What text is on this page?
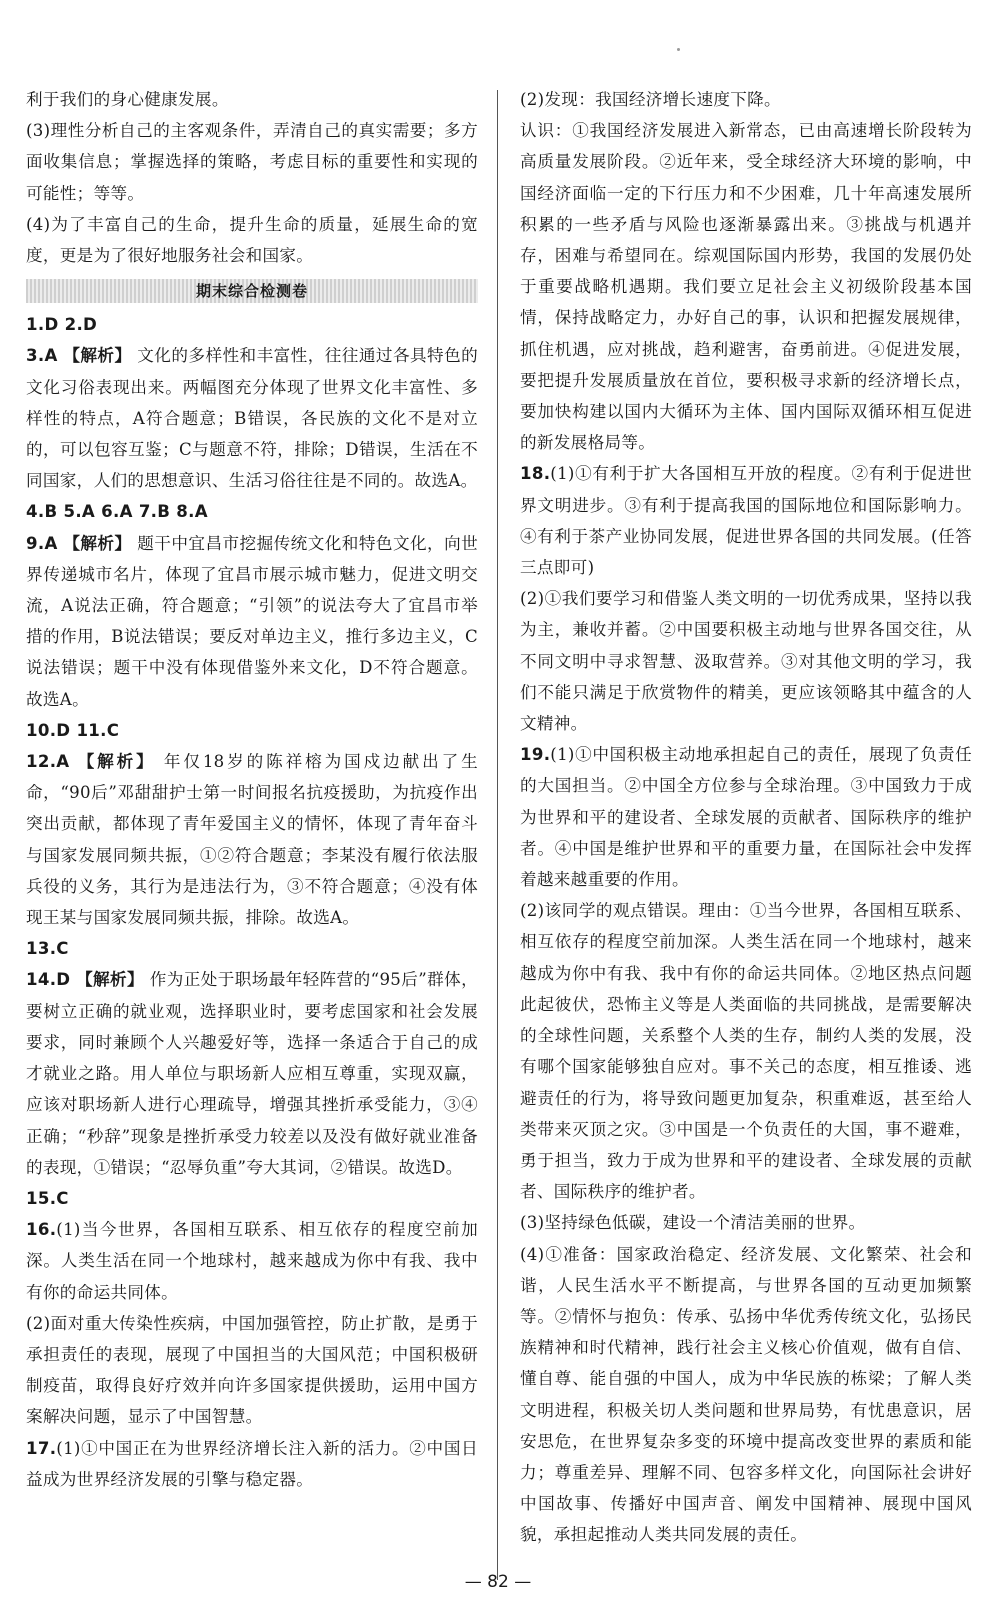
利于我们的身心健康发展。

(3)理性分析自己的主客观条件，弄清自己的真实需要；多方面收集信息；掌握选择的策略，考虑目标的重要性和实现的可能性；等等。

(4)为了丰富自己的生命，提升生命的质量，延展生命的宽度，更是为了很好地服务社会和国家。

期末综合检测卷

1.D 2.D

3.A 【解析】 文化的多样性和丰富性，往往通过各具特色的文化习俗表现出来。两幅图充分体现了世界文化丰富性、多样性的特点，A符合题意；B错误，各民族的文化不是对立的，可以包容互鉴；C与题意不符，排除；D错误，生活在不同国家，人们的思想意识、生活习俗往往是不同的。故选A。

4.B 5.A 6.A 7.B 8.A

9.A 【解析】 题干中宜昌市挖掘传统文化和特色文化，向世界传递城市名片，体现了宜昌市展示城市魅力，促进文明交流，A说法正确，符合题意；“引领”的说法夸大了宜昌市举措的作用，B说法错误；要反对单边主义，推行多边主义，C说法错误；题干中没有体现借鉴外来文化，D不符合题意。故选A。

10.D 11.C

12.A 【解析】 年仅18岁的陈祥榕为国戍边献出了生命，“90后”邓甜甜护士第一时间报名抗疫援助，为抗疫作出突出贡献，都体现了青年爱国主义的情怀，体现了青年奋斗与国家发展同频共振，①②符合题意；李某没有履行依法服兵役的义务，其行为是违法行为，③不符合题意；④没有体现王某与国家发展同频共振，排除。故选A。

13.C

14.D 【解析】 作为正处于职场最年轻阵营的“95后”群体，要树立正确的就业观，选择职业时，要考虑国家和社会发展要求，同时兼顾个人兴趣爱好等，选择一条适合于自己的成才就业之路。用人单位与职场新人应相互尊重，实现双赢，应该对职场新人进行心理疏导，增强其挫折承受能力，③④正确；“秒辞”现象是挫折承受力较差以及没有做好就业准备的表现，①错误；“忍辱负重”夸大其词，②错误。故选D。

15.C

16.(1)当今世界，各国相互联系、相互依存的程度空前加深。人类生活在同一个地球村，越来越成为你中有我、我中有你的命运共同体。

(2)面对重大传染性疾病，中国加强管控，防止扩散，是勇于承担责任的表现，展现了中国担当的大国风范；中国积极研制疫苗，取得良好疗效并向许多国家提供援助，运用中国方案解决问题，显示了中国智慧。

17.(1)①中国正在为世界经济增长注入新的活力。②中国日益成为世界经济发展的引擎与稳定器。

(2)发现：我国经济增长速度下降。

认识：①我国经济发展进入新常态，已由高速增长阶段转为高质量发展阶段。②近年来，受全球经济大环境的影响，中国经济面临一定的下行压力和不少困难，几十年高速发展所积累的一些矛盾与风险也逐渐暴露出来。③挑战与机遇并存，困难与希望同在。综观国际国内形势，我国的发展仍处于重要战略机遇期。我们要立足社会主义初级阶段基本国情，保持战略定力，办好自己的事，认识和把握发展规律，抓住机遇，应对挑战，趋利避害，奋勇前进。④促进发展，要把提升发展质量放在首位，要积极寻求新的经济增长点，要加快构建以国内大循环为主体、国内国际双循环相互促进的新发展格局等。

18.(1)①有利于扩大各国相互开放的程度。②有利于促进世界文明进步。③有利于提高我国的国际地位和国际影响力。④有利于茶产业协同发展，促进世界各国的共同发展。(任答三点即可)

(2)①我们要学习和借鉴人类文明的一切优秀成果，坚持以我为主，兼收并蓄。②中国要积极主动地与世界各国交往，从不同文明中寻求智慧、汲取营养。③对其他文明的学习，我们不能只满足于欣赏物件的精美，更应该领略其中蕴含的人文精神。

19.(1)①中国积极主动地承担起自己的责任，展现了负责任的大国担当。②中国全方位参与全球治理。③中国致力于成为世界和平的建设者、全球发展的贡献者、国际秩序的维护者。④中国是维护世界和平的重要力量，在国际社会中发挥着越来越重要的作用。

(2)该同学的观点错误。理由：①当今世界，各国相互联系、相互依存的程度空前加深。人类生活在同一个地球村，越来越成为你中有我、我中有你的命运共同体。②地区热点问题此起彼伏，恐怖主义等是人类面临的共同挑战，是需要解决的全球性问题，关系整个人类的生存，制约人类的发展，没有哪个国家能够独自应对。事不关己的态度，相互推诿、逃避责任的行为，将导致问题更加复杂，积重难返，甚至给人类带来灭顶之灾。③中国是一个负责任的大国，事不避难，勇于担当，致力于成为世界和平的建设者、全球发展的贡献者、国际秩序的维护者。

(3)坚持绿色低碳，建设一个清洁美丽的世界。

(4)①准备：国家政治稳定、经济发展、文化繁荣、社会和谐，人民生活水平不断提高，与世界各国的互动更加频繁等。②情怀与抱负：传承、弘扬中华优秀传统文化，弘扬民族精神和时代精神，践行社会主义核心价值观，做有自信、懂自尊、能自强的中国人，成为中华民族的栋梁；了解人类文明进程，积极关切人类问题和世界局势，有忧患意识，居安思危，在世界复杂多变的环境中提高改变世界的素质和能力；尊重差异、理解不同、包容多样文化，向国际社会讲好中国故事、传播好中国声音、阐发中国精神、展现中国风貌，承担起推动人类共同发展的责任。

— 82 —
